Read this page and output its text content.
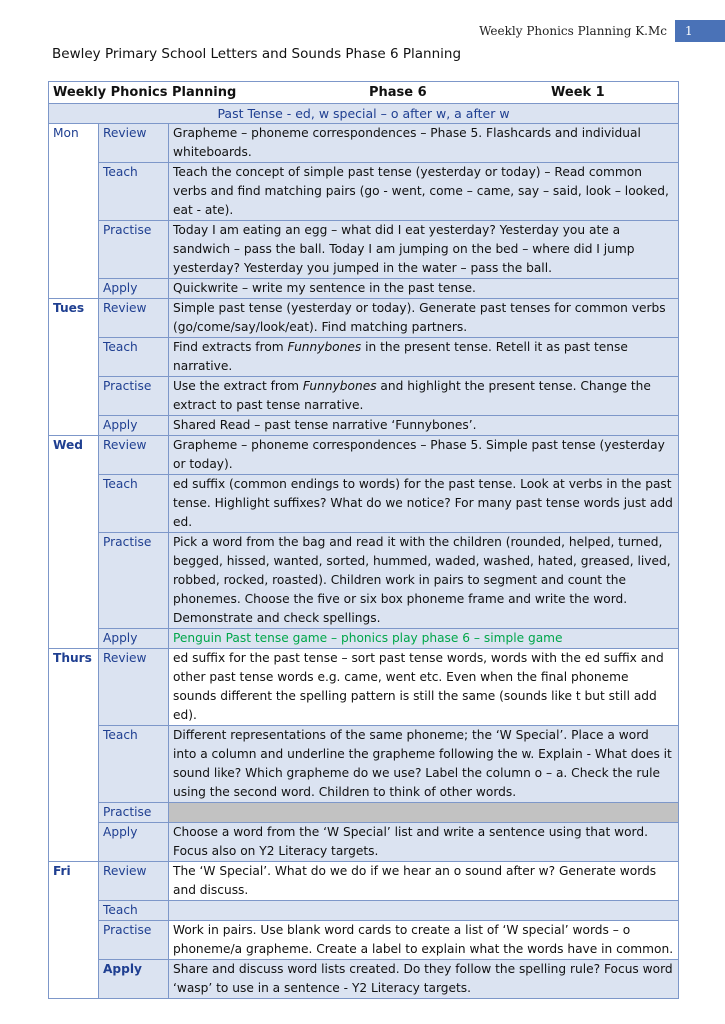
Weekly Phonics Planning K.Mc	1
Bewley Primary School Letters and Sounds Phase 6 Planning
Weekly Phonics Planning Phase 6 Week 1		

Past Tense - ed, w special – o after w, a after w		
Mon	Review	Grapheme – phoneme correspondences – Phase 5. Flashcards and individual whiteboards.
	Teach	Teach the concept of simple past tense (yesterday or today) – Read common verbs and find matching pairs (go - went, come – came, say – said, look – looked, eat - ate).
	Practise	Today I am eating an egg – what did I eat yesterday? Yesterday you ate a sandwich – pass the ball. Today I am jumping on the bed – where did I jump yesterday? Yesterday you jumped in the water – pass the ball.
	Apply	Quickwrite – write my sentence in the past tense.
Tues	Review	Simple past tense (yesterday or today). Generate past tenses for common verbs (go/come/say/look/eat). Find matching partners.
	Teach	Find extracts from Funnybones in the present tense. Retell it as past tense narrative.
	Practise	Use the extract from Funnybones and highlight the present tense. Change the extract to past tense narrative.
	Apply	Shared Read – past tense narrative ‘Funnybones’.
Wed	Review	Grapheme – phoneme correspondences – Phase 5. Simple past tense (yesterday or today).
	Teach	ed suffix (common endings to words) for the past tense. Look at verbs in the past tense. Highlight suffixes? What do we notice? For many past tense words just add ed.
	Practise	Pick a word from the bag and read it with the children (rounded, helped, turned, begged, hissed, wanted, sorted, hummed, waded, washed, hated, greased, lived, robbed, rocked, roasted). Children work in pairs to segment and count the phonemes. Choose the five or six box phoneme frame and write the word. Demonstrate and check spellings.
	Apply	Penguin Past tense game – phonics play phase 6 – simple game
Thurs	Review	ed suffix for the past tense – sort past tense words, words with the ed suffix and other past tense words e.g. came, went etc. Even when the final phoneme sounds different the spelling pattern is still the same (sounds like t but still add ed).
	Teach	Different representations of the same phoneme; the ‘W Special’. Place a word into a column and underline the grapheme following the w. Explain - What does it sound like? Which grapheme do we use? Label the column o – a. Check the rule using the second word. Children to think of other words.
	Practise	
	Apply	Choose a word from the ‘W Special’ list and write a sentence using that word. Focus also on Y2 Literacy targets.
Fri	Review	The ‘W Special’. What do we do if we hear an o sound after w? Generate words and discuss.
	Teach	
	Practise	Work in pairs. Use blank word cards to create a list of ‘W special’ words – o phoneme/a grapheme. Create a label to explain what the words have in common.
	Apply	Share and discuss word lists created. Do they follow the spelling rule? Focus word ‘wasp’ to use in a sentence - Y2 Literacy targets.
